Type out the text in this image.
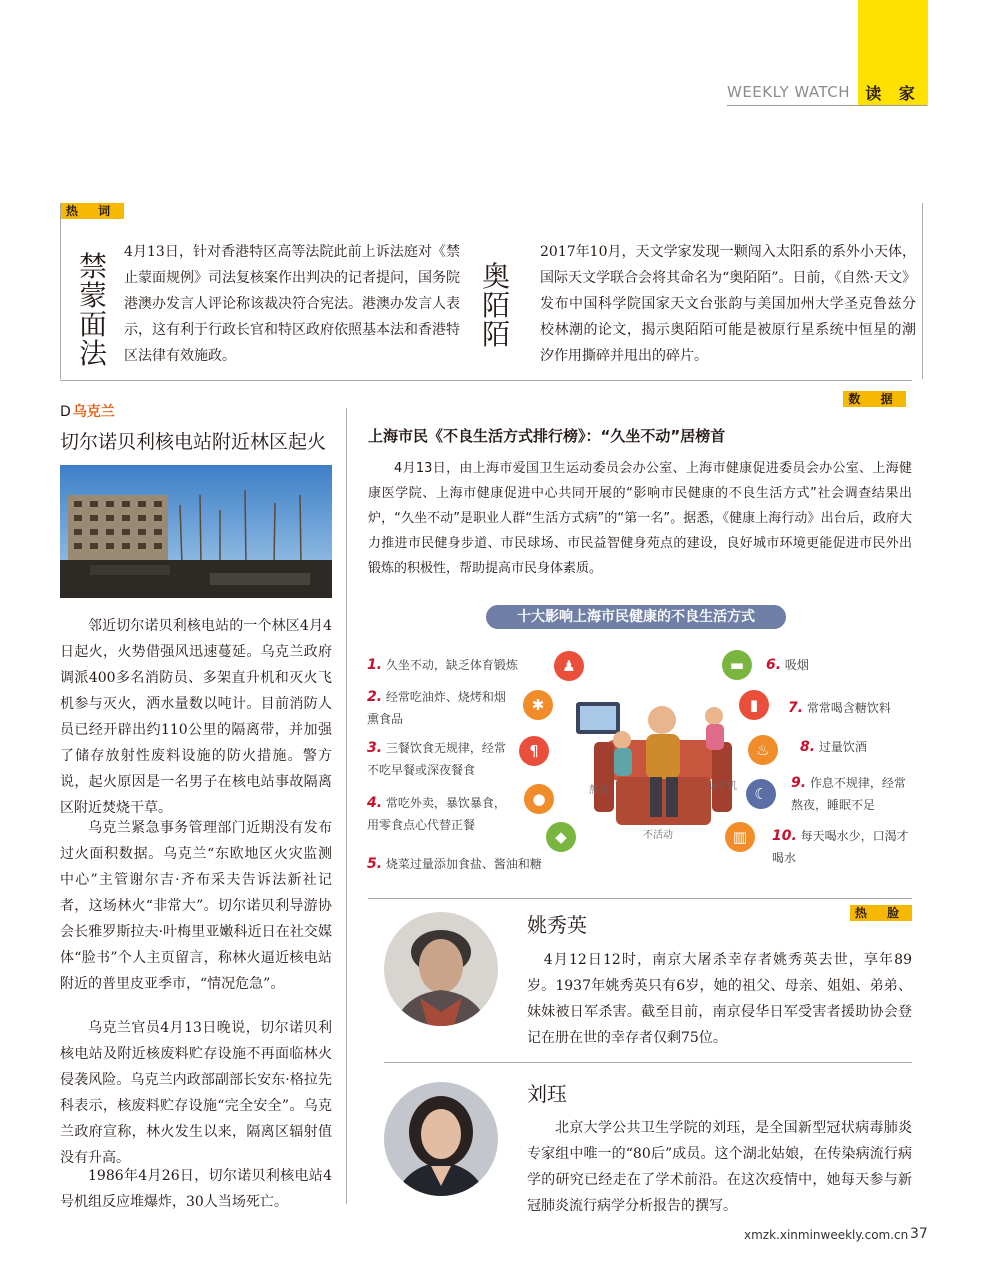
WEEKLY WATCH 读 家
热 词
禁蒙面法
4月13日，针对香港特区高等法院此前上诉法庭对《禁止蒙面规例》司法复核案作出判决的记者提问，国务院港澳办发言人评论称该裁决符合宪法。港澳办发言人表示，这有利于行政长官和特区政府依照基本法和香港特区法律有效施政。
奥陌陌
2017年10月，天文学家发现一颗闯入太阳系的系外小天体，国际天文学联合会将其命名为“奥陌陌”。日前，《自然·天文》发布中国科学院国家天文台张韵与美国加州大学圣克鲁兹分校林潮的论文，揭示奥陌陌可能是被原行星系统中恒星的潮汐作用撕碎并甩出的碎片。
D 乌克兰
切尔诺贝利核电站附近林区起火
邻近切尔诺贝利核电站的一个林区4月4日起火，火势借强风迅速蔓延。乌克兰政府调派400多名消防员、多架直升机和灭火飞机参与灭火，洒水量数以吨计。目前消防人员已经开辟出约110公里的隔离带，并加强了储存放射性废料设施的防火措施。警方说，起火原因是一名男子在核电站事故隔离区附近焚烧干草。
乌克兰紧急事务管理部门近期没有发布过火面积数据。乌克兰“东欧地区火灾监测中心”主管谢尔吉·齐布采夫告诉法新社记者，这场林火“非常大”。切尔诺贝利导游协会长雅罗斯拉夫·叶梅里亚嫩科近日在社交媒体“脸书”个人主页留言，称林火逼近核电站附近的普里皮亚季市，“情况危急”。
乌克兰官员4月13日晚说，切尔诺贝利核电站及附近核废料贮存设施不再面临林火侵袭风险。乌克兰内政部副部长安东·格拉先科表示，核废料贮存设施“完全安全”。乌克兰政府宣称，林火发生以来，隔离区辐射值没有升高。
1986年4月26日，切尔诺贝利核电站4号机组反应堆爆炸，30人当场死亡。
数 据
上海市民《不良生活方式排行榜》：“久坐不动”居榜首
4月13日，由上海市爱国卫生运动委员会办公室、上海市健康促进委员会办公室、上海健康医学院、上海市健康促进中心共同开展的“影响市民健康的不良生活方式”社会调查结果出炉，“久坐不动”是职业人群“生活方式病”的“第一名”。据悉，《健康上海行动》出台后，政府大力推进市民健身步道、市民球场、市民益智健身苑点的建设，良好城市环境更能促进市民外出锻炼的积极性，帮助提高市民身体素质。
十大影响上海市民健康的不良生活方式
1. 久坐不动，缺乏体育锻炼
2. 经常吃油炸、烧烤和烟熏食品
3. 三餐饮食无规律，经常不吃早餐或深夜餐食
4. 常吃外卖，暴饮暴食，用零食点心代替正餐
5. 烧菜过量添加食盐、酱油和糖
6. 吸烟
7. 常常喝含糖饮料
8. 过量饮酒
9. 作息不规律，经常熬夜，睡眠不足
10. 每天喝水少，口渴才喝水
♟
✱
¶
●
◆
▬
▮
♨
☾
▥
熬夜	玩手机
不活动
热 脸
姚秀英
4月12日12时，南京大屠杀幸存者姚秀英去世，享年89岁。1937年姚秀英只有6岁，她的祖父、母亲、姐姐、弟弟、妹妹被日军杀害。截至目前，南京侵华日军受害者援助协会登记在册在世的幸存者仅剩75位。
刘珏
北京大学公共卫生学院的刘珏，是全国新型冠状病毒肺炎专家组中唯一的“80后”成员。这个湖北姑娘，在传染病流行病学的研究已经走在了学术前沿。在这次疫情中，她每天参与新冠肺炎流行病学分析报告的撰写。
xmzk.xinminweekly.com.cn 37
